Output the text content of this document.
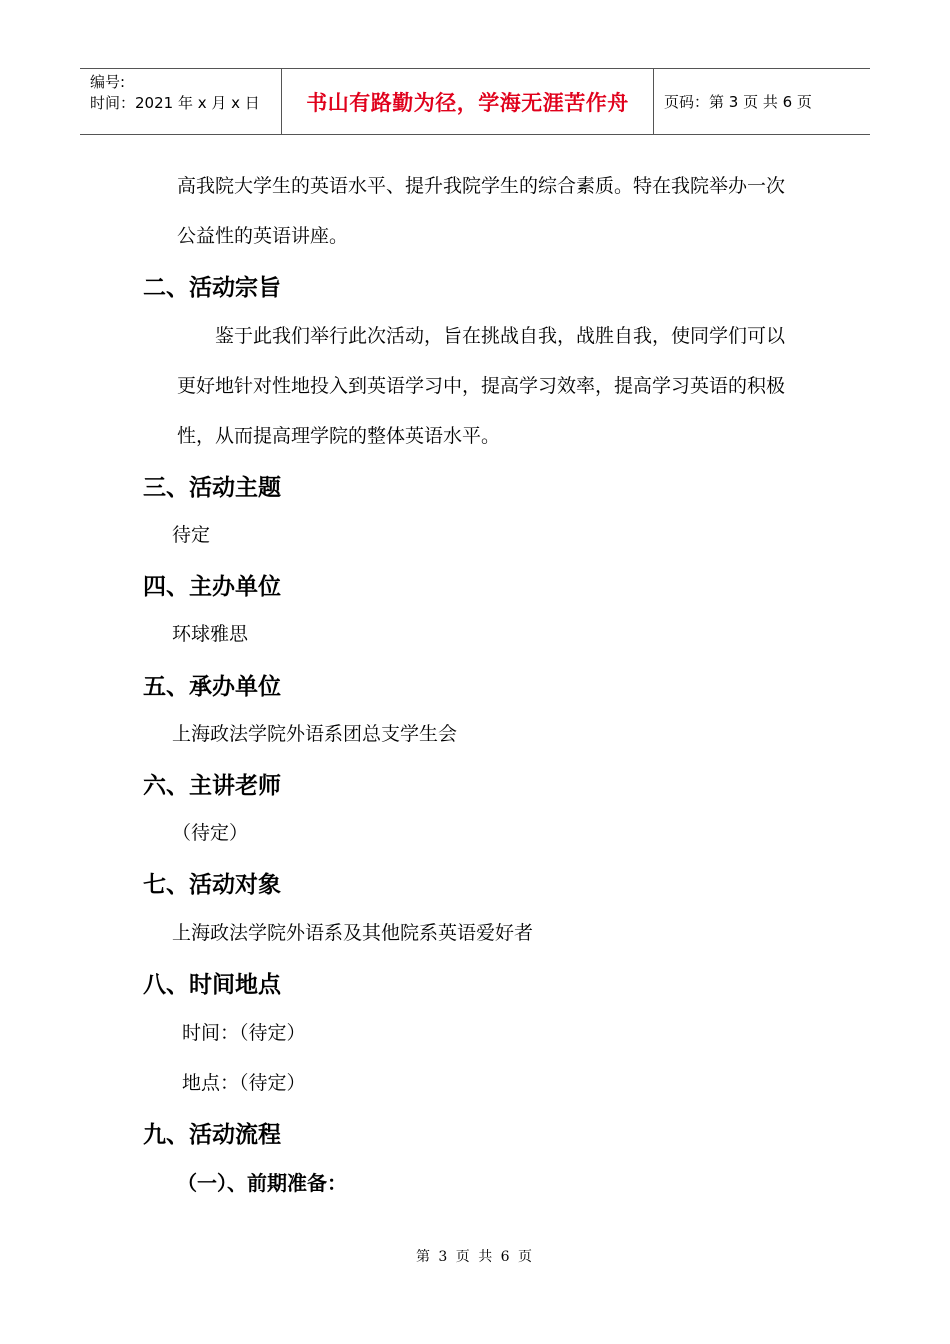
编号:
时间：2021 年 x 月 x 日	书山有路勤为径，学海无涯苦作舟	页码：第 3 页 共 6 页
高我院大学生的英语水平、提升我院学生的综合素质。特在我院举办一次
公益性的英语讲座。
二、活动宗旨
鉴于此我们举行此次活动，旨在挑战自我，战胜自我，使同学们可以
更好地针对性地投入到英语学习中，提高学习效率，提高学习英语的积极
性，从而提高理学院的整体英语水平。
三、活动主题
待定
四、主办单位
环球雅思
五、承办单位
上海政法学院外语系团总支学生会
六、主讲老师
（待定）
七、活动对象
上海政法学院外语系及其他院系英语爱好者
八、时间地点
时间：（待定）
地点：（待定）
九、活动流程
（一）、前期准备：
第 3 页 共 6 页
